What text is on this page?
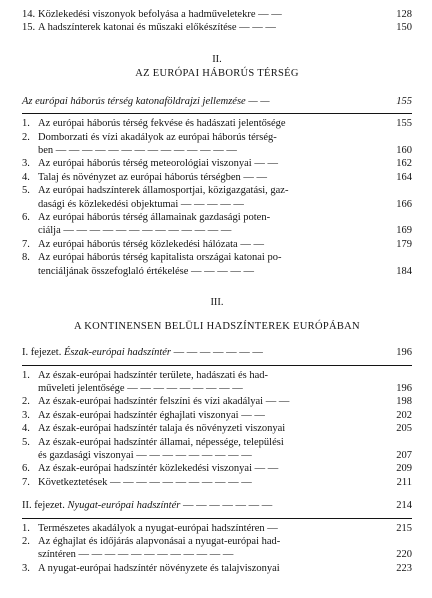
14. Közlekedési viszonyok befolyása a hadműveletekre — —	128
15. A hadszínterek katonai és műszaki előkészítése — — —	150
II.
AZ EURÓPAI HÁBORÚS TÉRSÉG
Az európai háborús térség katonaföldrajzi jellemzése — —	155
1. Az európai háborús térség fekvése és hadászati jelentősége	155
2. Domborzati és vízi akadályok az európai háborús térség-
ben — — — — — — — — — — — — — —	160
3. Az európai háborús térség meteorológiai viszonyai — —	162
4. Talaj és növényzet az európai háborús térségben — —	164
5. Az európai hadszínterek államosportjai, közigazgatási, gaz-
dasági és közlekedési objektumai — — — — —	166
6. Az európai háborús térség államainak gazdasági poten-
ciálja — — — — — — — — — — — — —	169
7. Az európai háborús térség közlekedési hálózata — —	179
8. Az európai háborús térség kapitalista országai katonai po-
tenciáljának összefoglaló értékelése — — — — —	184
III.
A KONTINENSEN BELÜLI HADSZÍNTEREK EURÓPÁBAN
I. fejezet. Észak-európai hadszíntér — — — — — — —	196
1. Az észak-európai hadszíntér területe, hadászati és had-
műveleti jelentősége — — — — — — — — —	196
2. Az észak-európai hadszíntér felszíni és vízi akadályai — —	198
3. Az észak-európai hadszíntér éghajlati viszonyai — —	202
4. Az észak-európai hadszíntér talaja és növényzeti viszonyai	205
5. Az észak-európai hadszíntér államai, népessége, települési
és gazdasági viszonyai — — — — — — — — —	207
6. Az észak-európai hadszíntér közlekedési viszonyai — —	209
7. Következtetések — — — — — — — — — — —	211
II. fejezet. Nyugat-európai hadszíntér — — — — — — —	214
1. Természetes akadályok a nyugat-európai hadszíntéren —	215
2. Az éghajlat és időjárás alapvonásai a nyugat-európai had-
színtéren — — — — — — — — — — — —	220
3. A nyugat-európai hadszíntér növényzete és talajviszonyai	223
